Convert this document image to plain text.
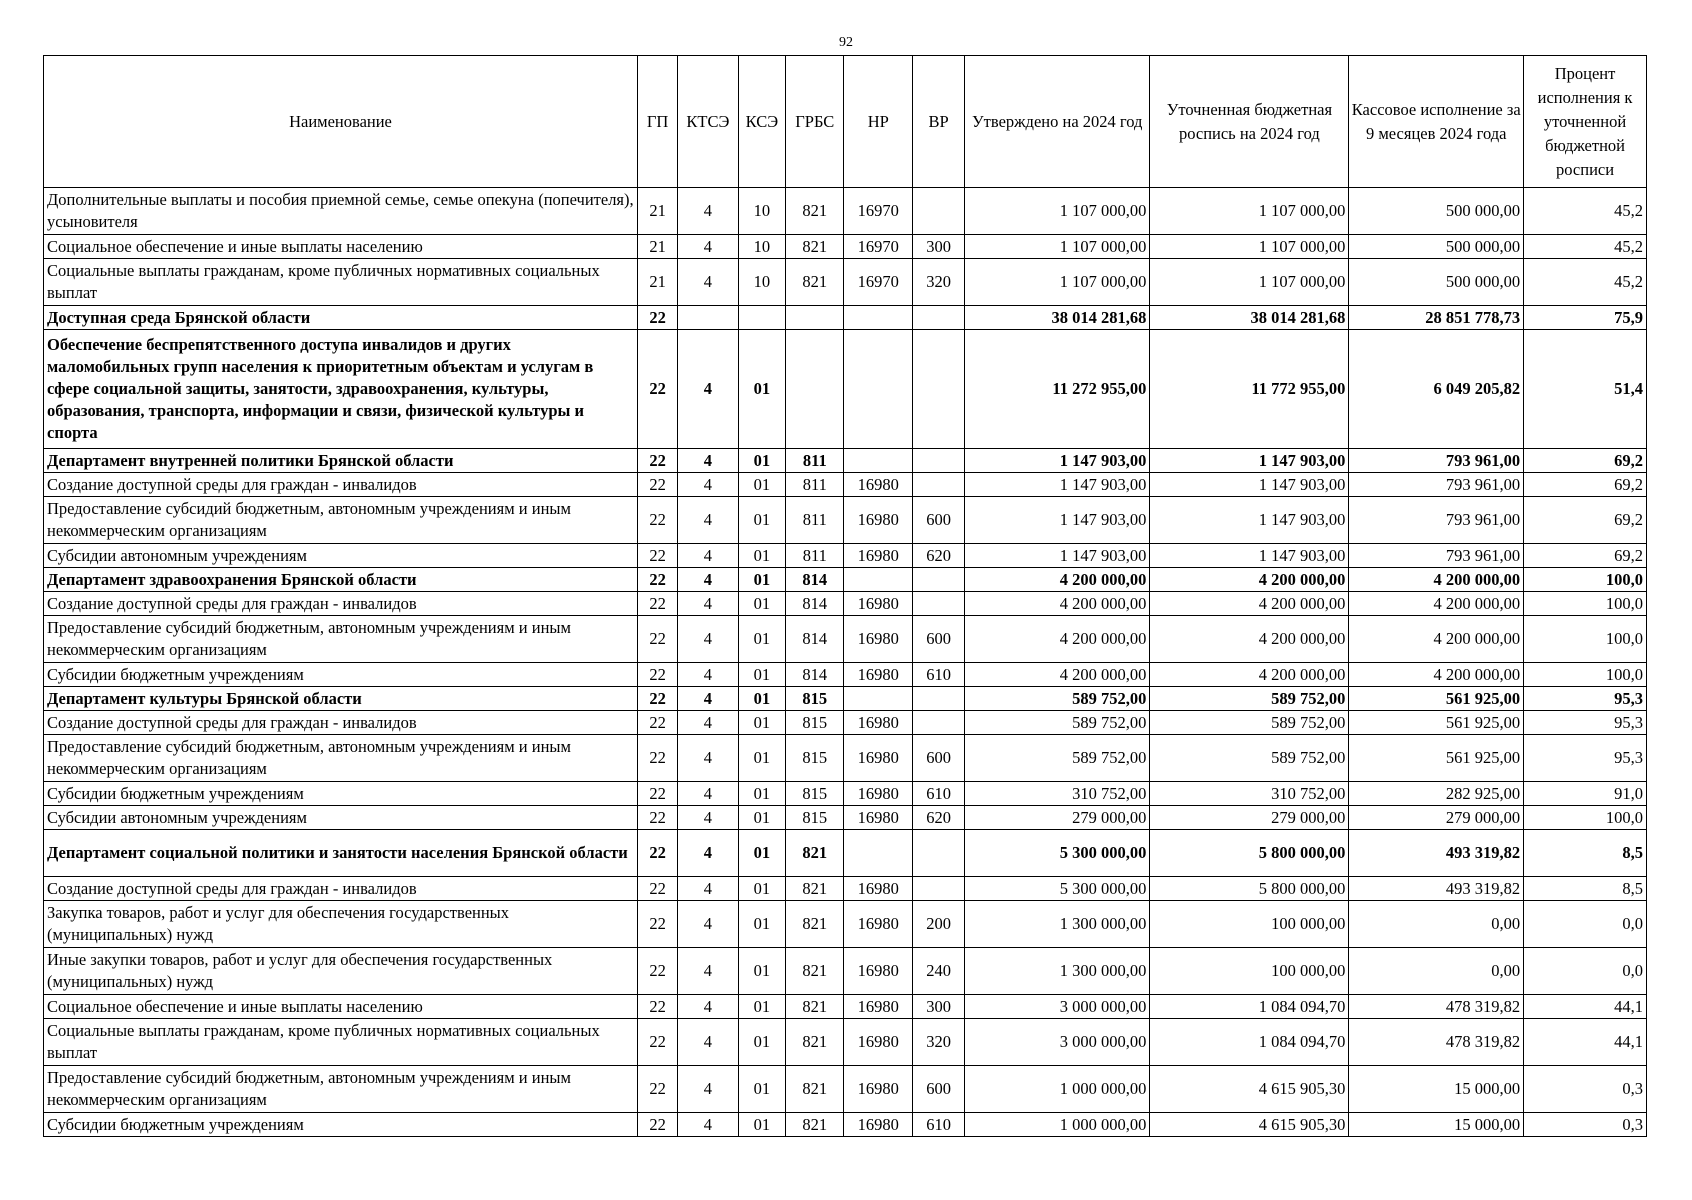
92
Наименование	ГП	КТСЭ	КСЭ	ГРБС	НР	ВР	Утверждено на 2024 год	Уточненная бюджетная роспись на 2024 год	Кассовое исполнение за 9 месяцев 2024 года	Процент исполнения к уточненной бюджетной росписи
Дополнительные выплаты и пособия приемной семье, семье опекуна (попечителя), усыновителя	21	4	10	821	16970		1 107 000,00	1 107 000,00	500 000,00	45,2
Социальное обеспечение и иные выплаты населению	21	4	10	821	16970	300	1 107 000,00	1 107 000,00	500 000,00	45,2
Социальные выплаты гражданам, кроме публичных нормативных социальных выплат	21	4	10	821	16970	320	1 107 000,00	1 107 000,00	500 000,00	45,2
Доступная среда Брянской области	22						38 014 281,68	38 014 281,68	28 851 778,73	75,9
Обеспечение беспрепятственного доступа инвалидов и других маломобильных групп населения к приоритетным объектам и услугам в сфере социальной защиты, занятости, здравоохранения, культуры, образования, транспорта, информации и связи, физической культуры и спорта	22	4	01				11 272 955,00	11 772 955,00	6 049 205,82	51,4
Департамент внутренней политики Брянской области	22	4	01	811			1 147 903,00	1 147 903,00	793 961,00	69,2
Создание доступной среды для граждан - инвалидов	22	4	01	811	16980		1 147 903,00	1 147 903,00	793 961,00	69,2
Предоставление субсидий бюджетным, автономным учреждениям и иным некоммерческим организациям	22	4	01	811	16980	600	1 147 903,00	1 147 903,00	793 961,00	69,2
Субсидии автономным учреждениям	22	4	01	811	16980	620	1 147 903,00	1 147 903,00	793 961,00	69,2
Департамент здравоохранения Брянской области	22	4	01	814			4 200 000,00	4 200 000,00	4 200 000,00	100,0
Создание доступной среды для граждан - инвалидов	22	4	01	814	16980		4 200 000,00	4 200 000,00	4 200 000,00	100,0
Предоставление субсидий бюджетным, автономным учреждениям и иным некоммерческим организациям	22	4	01	814	16980	600	4 200 000,00	4 200 000,00	4 200 000,00	100,0
Субсидии бюджетным учреждениям	22	4	01	814	16980	610	4 200 000,00	4 200 000,00	4 200 000,00	100,0
Департамент культуры Брянской области	22	4	01	815			589 752,00	589 752,00	561 925,00	95,3
Создание доступной среды для граждан - инвалидов	22	4	01	815	16980		589 752,00	589 752,00	561 925,00	95,3
Предоставление субсидий бюджетным, автономным учреждениям и иным некоммерческим организациям	22	4	01	815	16980	600	589 752,00	589 752,00	561 925,00	95,3
Субсидии бюджетным учреждениям	22	4	01	815	16980	610	310 752,00	310 752,00	282 925,00	91,0
Субсидии автономным учреждениям	22	4	01	815	16980	620	279 000,00	279 000,00	279 000,00	100,0
Департамент социальной политики и занятости населения Брянской области	22	4	01	821			5 300 000,00	5 800 000,00	493 319,82	8,5
Создание доступной среды для граждан - инвалидов	22	4	01	821	16980		5 300 000,00	5 800 000,00	493 319,82	8,5
Закупка товаров, работ и услуг для обеспечения государственных (муниципальных) нужд	22	4	01	821	16980	200	1 300 000,00	100 000,00	0,00	0,0
Иные закупки товаров, работ и услуг для обеспечения государственных (муниципальных) нужд	22	4	01	821	16980	240	1 300 000,00	100 000,00	0,00	0,0
Социальное обеспечение и иные выплаты населению	22	4	01	821	16980	300	3 000 000,00	1 084 094,70	478 319,82	44,1
Социальные выплаты гражданам, кроме публичных нормативных социальных выплат	22	4	01	821	16980	320	3 000 000,00	1 084 094,70	478 319,82	44,1
Предоставление субсидий бюджетным, автономным учреждениям и иным некоммерческим организациям	22	4	01	821	16980	600	1 000 000,00	4 615 905,30	15 000,00	0,3
Субсидии бюджетным учреждениям	22	4	01	821	16980	610	1 000 000,00	4 615 905,30	15 000,00	0,3
